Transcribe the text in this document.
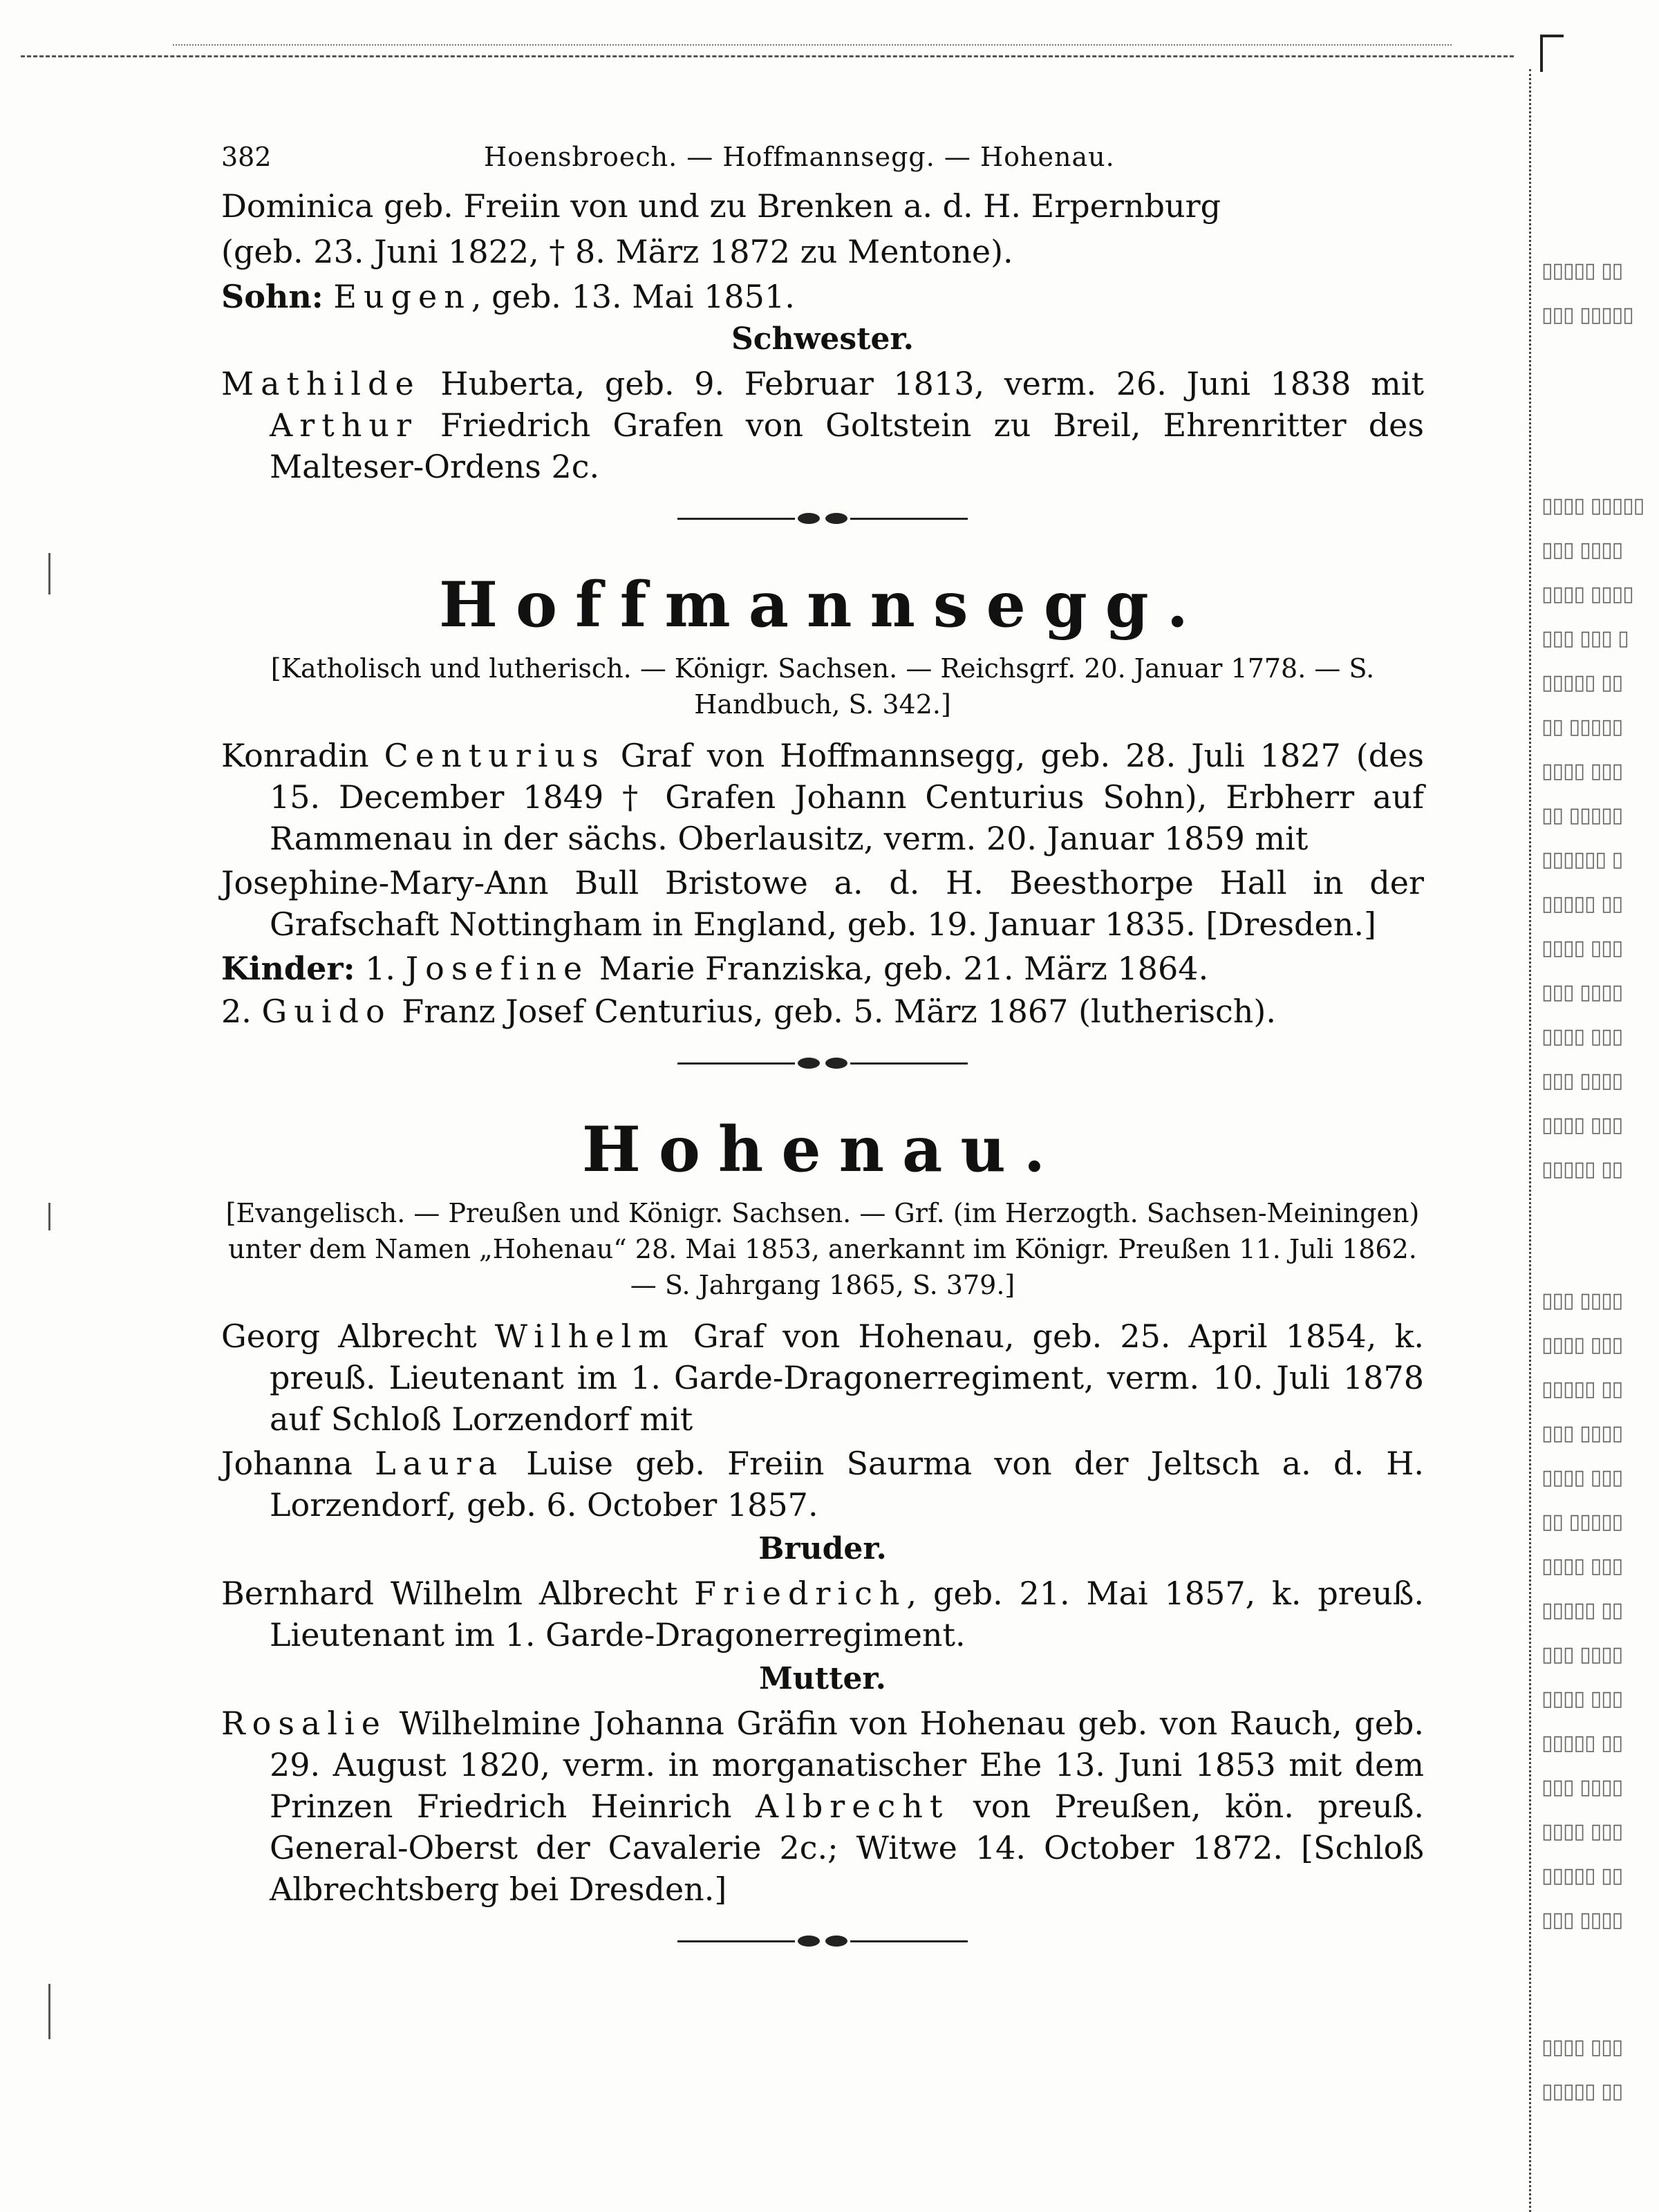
▯▯▯▯▯ ▯▯
▯▯▯ ▯▯▯▯▯
▯▯▯▯ ▯▯▯▯▯
▯▯▯ ▯▯▯▯
▯▯▯▯ ▯▯▯▯
▯▯▯ ▯▯▯ ▯
▯▯▯▯▯ ▯▯
▯▯ ▯▯▯▯▯
▯▯▯▯ ▯▯▯
▯▯ ▯▯▯▯▯
▯▯▯▯▯▯ ▯
▯▯▯▯▯ ▯▯
▯▯▯▯ ▯▯▯
▯▯▯ ▯▯▯▯
▯▯▯▯ ▯▯▯
▯▯▯ ▯▯▯▯
▯▯▯▯ ▯▯▯
▯▯▯▯▯ ▯▯
▯▯▯ ▯▯▯▯
▯▯▯▯ ▯▯▯
▯▯▯▯▯ ▯▯
▯▯▯ ▯▯▯▯
▯▯▯▯ ▯▯▯
▯▯ ▯▯▯▯▯
▯▯▯▯ ▯▯▯
▯▯▯▯▯ ▯▯
▯▯▯ ▯▯▯▯
▯▯▯▯ ▯▯▯
▯▯▯▯▯ ▯▯
▯▯▯ ▯▯▯▯
▯▯▯▯ ▯▯▯
▯▯▯▯▯ ▯▯
▯▯▯ ▯▯▯▯
▯▯▯▯ ▯▯▯
▯▯▯▯▯ ▯▯
382	Hoensbroech. — Hoffmannsegg. — Hohenau.

Dominica geb. Freiin von und zu Brenken a. d. H. Erpernburg

(geb. 23. Juni 1822, † 8. März 1872 zu Mentone).

Sohn: Eugen, geb. 13. Mai 1851.

Schwester.

Mathilde Huberta, geb. 9. Februar 1813, verm. 26. Juni 1838 mit Arthur Friedrich Grafen von Goltstein zu Breil, Ehrenritter des Malteser-Ordens 2c.

Hoffmannsegg.

[Katholisch und lutherisch. — Königr. Sachsen. — Reichsgrf. 20. Januar 1778. — S. Handbuch, S. 342.]

Konradin Centurius Graf von Hoffmannsegg, geb. 28. Juli 1827 (des 15. December 1849 † Grafen Johann Centurius Sohn), Erbherr auf Rammenau in der sächs. Oberlausitz, verm. 20. Januar 1859 mit

Josephine-Mary-Ann Bull Bristowe a. d. H. Beesthorpe Hall in der Grafschaft Nottingham in England, geb. 19. Januar 1835. [Dresden.]

Kinder: 1. Josefine Marie Franziska, geb. 21. März 1864.

2. Guido Franz Josef Centurius, geb. 5. März 1867 (lutherisch).

Hohenau.

[Evangelisch. — Preußen und Königr. Sachsen. — Grf. (im Herzogth. Sachsen-Meiningen) unter dem Namen „Hohenau“ 28. Mai 1853, anerkannt im Königr. Preußen 11. Juli 1862. — S. Jahrgang 1865, S. 379.]

Georg Albrecht Wilhelm Graf von Hohenau, geb. 25. April 1854, k. preuß. Lieutenant im 1. Garde-Dragonerregiment, verm. 10. Juli 1878 auf Schloß Lorzendorf mit

Johanna Laura Luise geb. Freiin Saurma von der Jeltsch a. d. H. Lorzendorf, geb. 6. October 1857.

Bruder.

Bernhard Wilhelm Albrecht Friedrich, geb. 21. Mai 1857, k. preuß. Lieutenant im 1. Garde-Dragonerregiment.

Mutter.

Rosalie Wilhelmine Johanna Gräfin von Hohenau geb. von Rauch, geb. 29. August 1820, verm. in morganatischer Ehe 13. Juni 1853 mit dem Prinzen Friedrich Heinrich Albrecht von Preußen, kön. preuß. General-Oberst der Cavalerie 2c.; Witwe 14. October 1872. [Schloß Albrechtsberg bei Dresden.]
